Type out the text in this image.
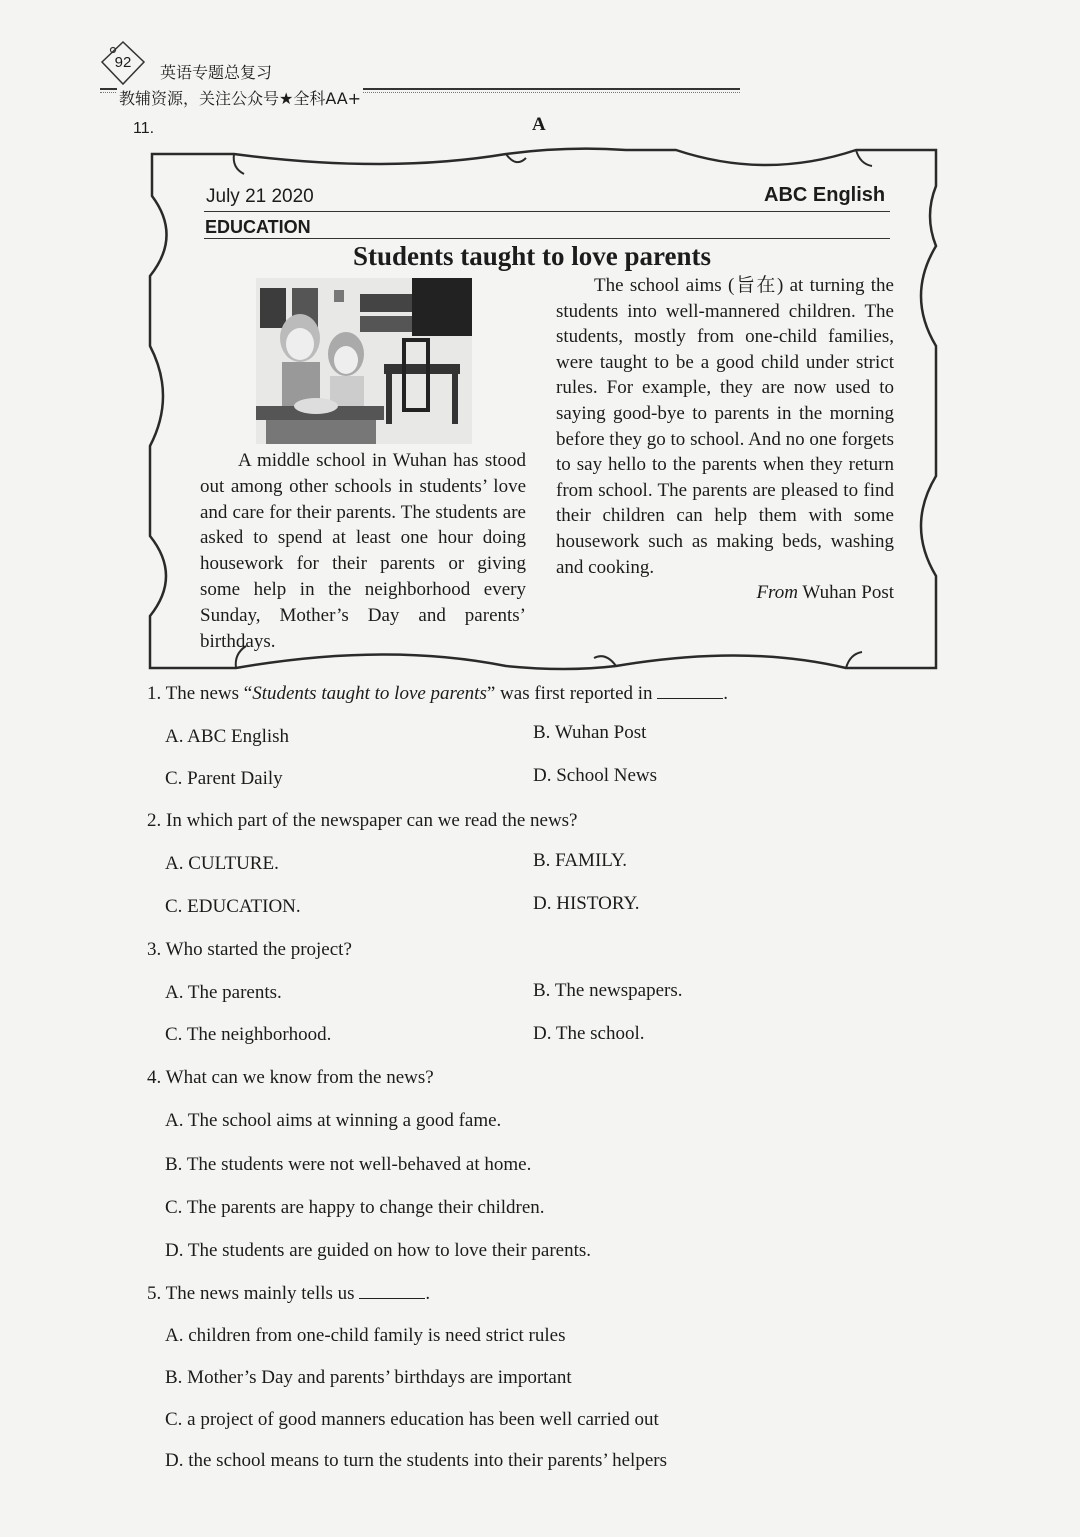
92
英语专题总复习
教辅资源，关注公众号★全科AA+
11.	A
July 21 2020	ABC English
EDUCATION
Students taught to love parents

A middle school in Wuhan has stood out among other schools in students’ love and care for their parents. The students are asked to spend at least one hour doing housework for their parents or giving some help in the neighborhood every Sunday, Mother’s Day and parents’ birthdays.

The school aims (旨在) at turning the students into well-mannered children. The students, mostly from one-child families, were taught to be a good child under strict rules. For example, they are now used to saying good-bye to parents in the morning before they go to school. And no one forgets to say hello to the parents when they return from school. The parents are pleased to find their children can help them with some housework such as making beds, washing and cooking.

From Wuhan Post
1. The news “Students taught to love parents” was first reported in	.
A. ABC English	B. Wuhan Post
C. Parent Daily	D. School News
2. In which part of the newspaper can we read the news?
A. CULTURE.	B. FAMILY.
C. EDUCATION.	D. HISTORY.
3. Who started the project?
A. The parents.	B. The newspapers.
C. The neighborhood.	D. The school.
4. What can we know from the news?
A. The school aims at winning a good fame.
B. The students were not well-behaved at home.
C. The parents are happy to change their children.
D. The students are guided on how to love their parents.
5. The news mainly tells us	.
A. children from one-child family is need strict rules
B. Mother’s Day and parents’ birthdays are important
C. a project of good manners education has been well carried out
D. the school means to turn the students into their parents’ helpers
